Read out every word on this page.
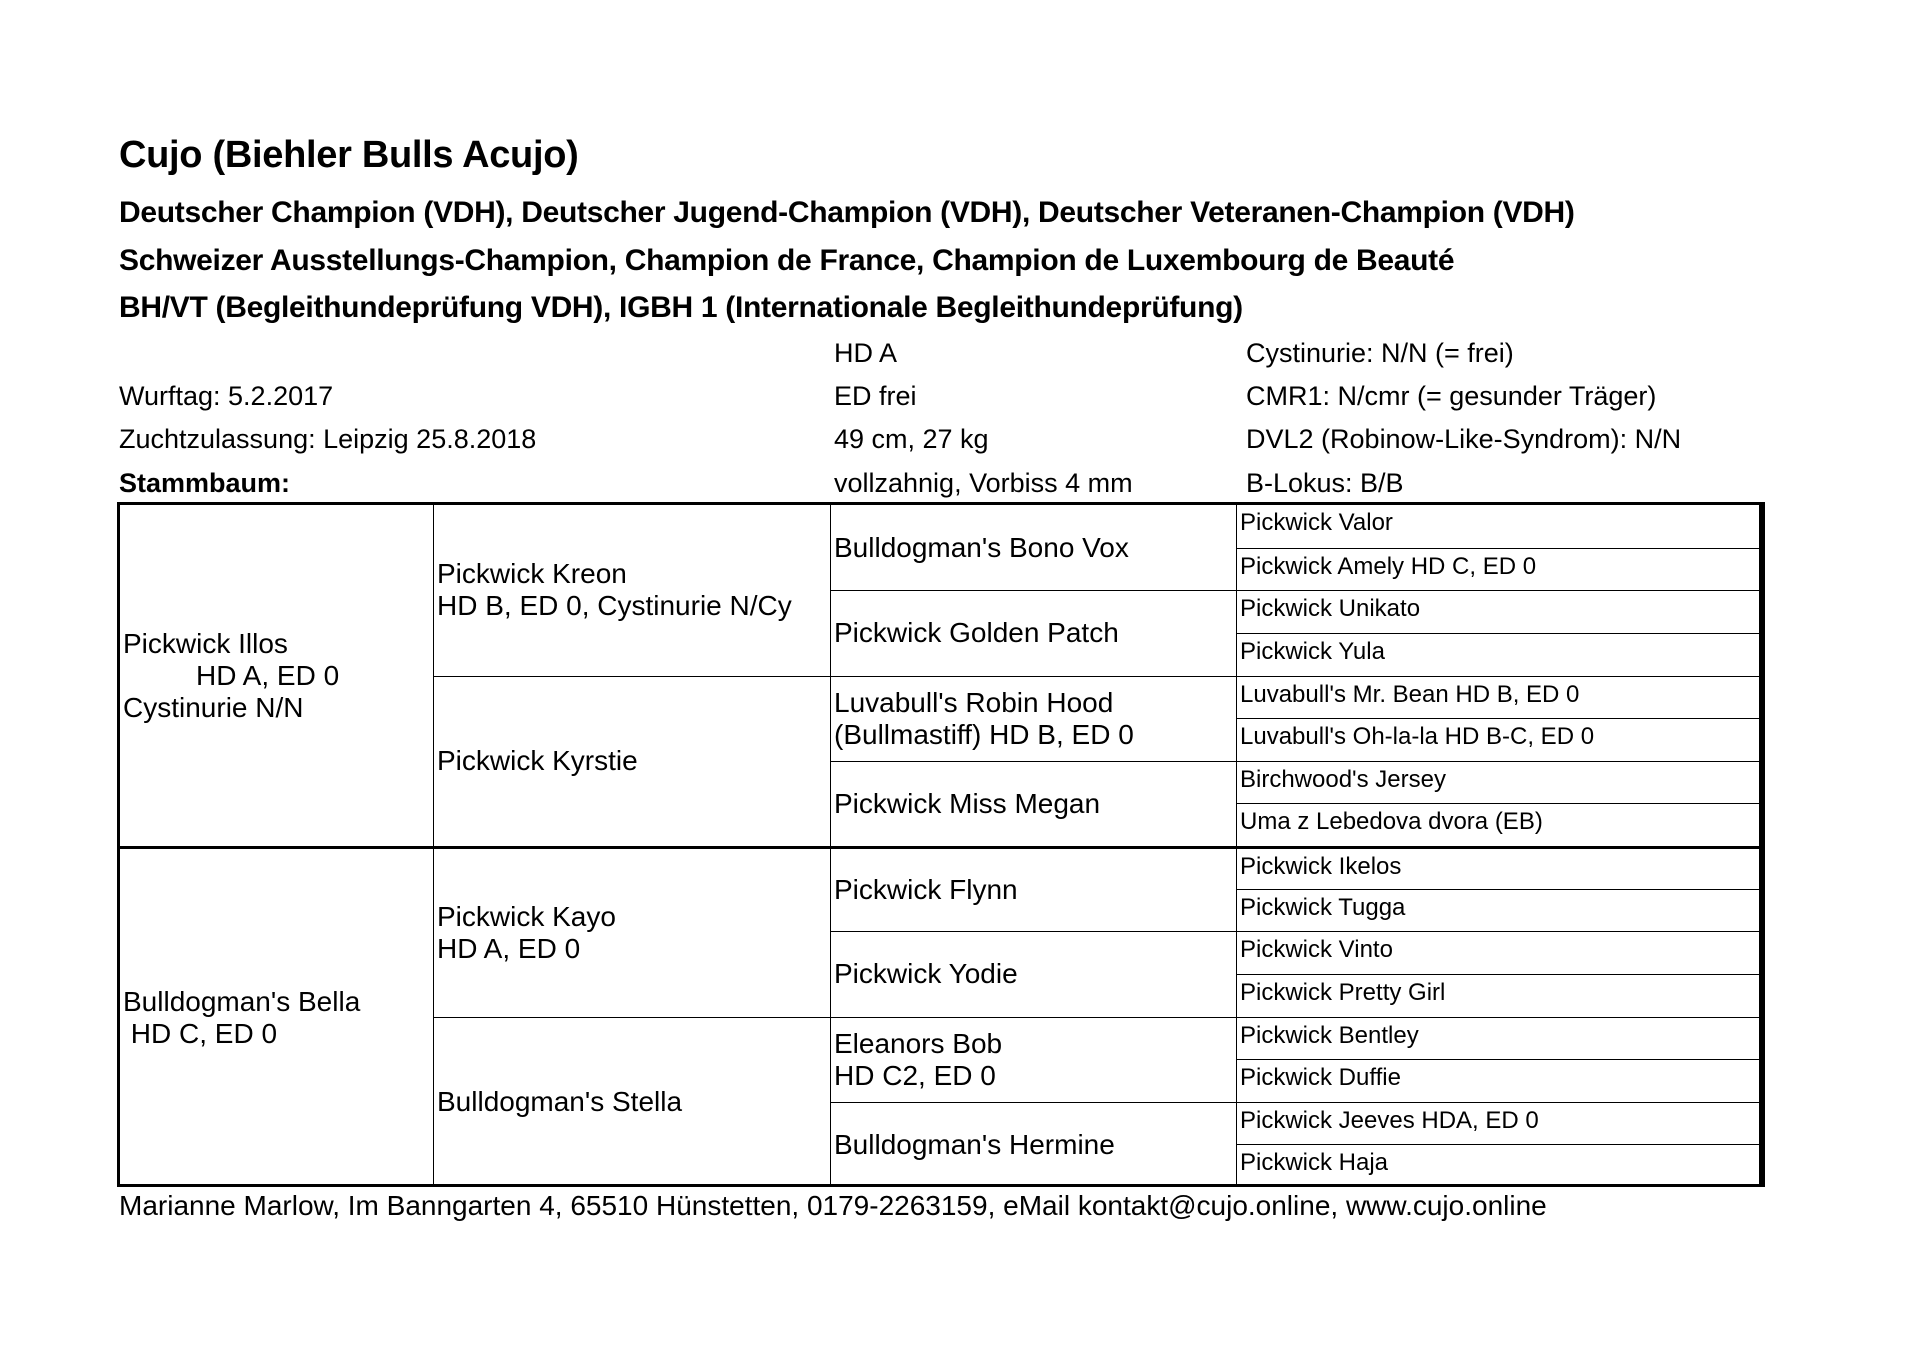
Cujo (Biehler Bulls Acujo)
Deutscher Champion (VDH), Deutscher Jugend-Champion (VDH), Deutscher Veteranen-Champion (VDH)
Schweizer Ausstellungs-Champion, Champion de France, Champion de Luxembourg de Beauté
BH/VT (Begleithundeprüfung VDH), IGBH 1 (Internationale Begleithundeprüfung)
Wurftag: 5.2.2017
Zuchtzulassung: Leipzig 25.8.2018
Stammbaum:
HD A
ED frei
49 cm, 27 kg
vollzahnig, Vorbiss 4 mm
Cystinurie: N/N (= frei)
CMR1: N/cmr (= gesunder Träger)
DVL2 (Robinow-Like-Syndrom): N/N
B-Lokus: B/B
Pickwick Illos
HD A, ED 0
Cystinurie N/N
Bulldogman's Bella
HD C, ED 0
Pickwick Kreon
HD B, ED 0, Cystinurie N/Cy
Pickwick Kyrstie
Pickwick Kayo
HD A, ED 0
Bulldogman's Stella
Bulldogman's Bono Vox
Pickwick Golden Patch
Luvabull's Robin Hood
(Bullmastiff) HD B, ED 0
Pickwick Miss Megan
Pickwick Flynn
Pickwick Yodie
Eleanors Bob
HD C2, ED 0
Bulldogman's Hermine
Pickwick Valor
Pickwick Amely HD C, ED 0
Pickwick Unikato
Pickwick Yula
Luvabull's Mr. Bean HD B, ED 0
Luvabull's Oh-la-la HD B-C, ED 0
Birchwood's Jersey
Uma z Lebedova dvora (EB)
Pickwick Ikelos
Pickwick Tugga
Pickwick Vinto
Pickwick Pretty Girl
Pickwick Bentley
Pickwick Duffie
Pickwick Jeeves HDA, ED 0
Pickwick Haja
Marianne Marlow, Im Banngarten 4, 65510 Hünstetten, 0179-2263159, eMail kontakt@cujo.online, www.cujo.online
